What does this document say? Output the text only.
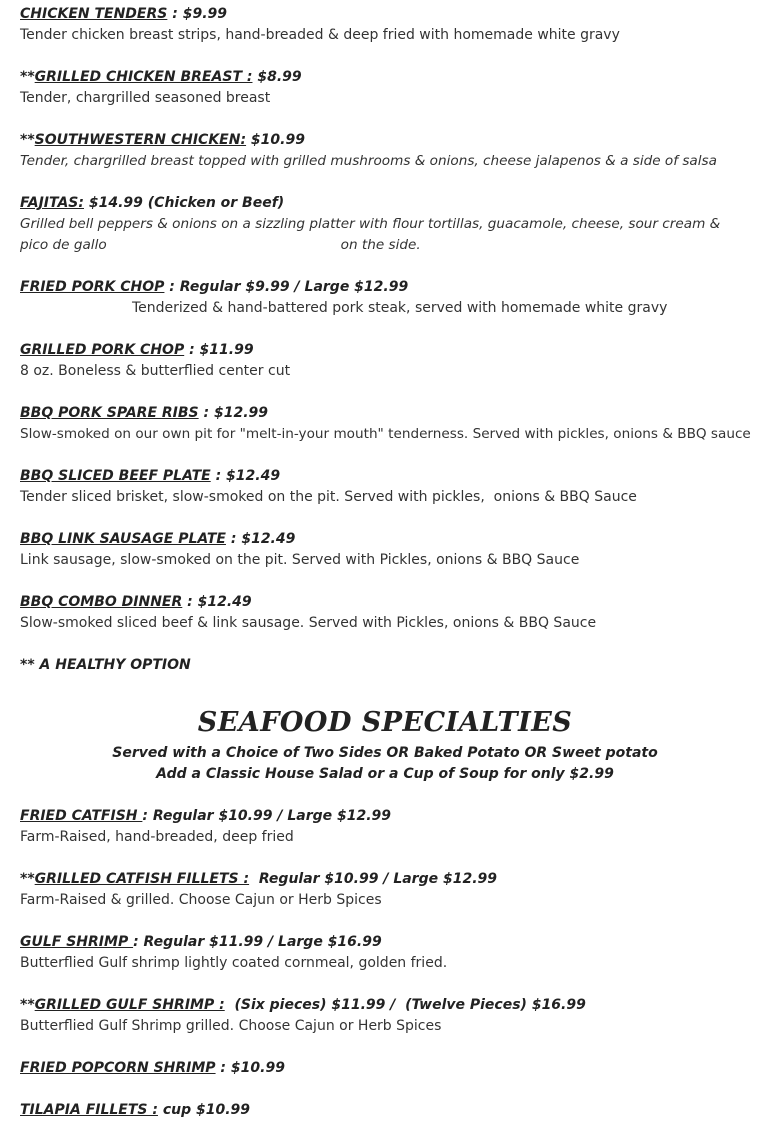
CHICKEN TENDERS : $9.99
Tender chicken breast strips, hand-breaded & deep fried with homemade white gravy
**GRILLED CHICKEN BREAST : $8.99
Tender, chargrilled seasoned breast
**SOUTHWESTERN CHICKEN: $10.99
Tender, chargrilled breast topped with grilled mushrooms & onions, cheese jalapenos & a side of salsa
FAJITAS: $14.99 (Chicken or Beef)
Grilled bell peppers & onions on a sizzling platter with flour tortillas, guacamole, cheese, sour cream & pico de gallo	on the side.
FRIED PORK CHOP : Regular $9.99 / Large $12.99
Tenderized & hand-battered pork steak, served with homemade white gravy
GRILLED PORK CHOP : $11.99
8 oz. Boneless & butterflied center cut
BBQ PORK SPARE RIBS : $12.99
Slow-smoked on our own pit for "melt-in-your mouth" tenderness. Served with pickles, onions & BBQ sauce
BBQ SLICED BEEF PLATE : $12.49
Tender sliced brisket, slow-smoked on the pit. Served with pickles,  onions & BBQ Sauce
BBQ LINK SAUSAGE PLATE : $12.49
Link sausage, slow-smoked on the pit. Served with Pickles, onions & BBQ Sauce
BBQ COMBO DINNER : $12.49
Slow-smoked sliced beef & link sausage. Served with Pickles, onions & BBQ Sauce
** A HEALTHY OPTION
SEAFOOD SPECIALTIES
Served with a Choice of Two Sides OR Baked Potato OR Sweet potato
Add a Classic House Salad or a Cup of Soup for only $2.99
FRIED CATFISH : Regular $10.99 / Large $12.99
Farm-Raised, hand-breaded, deep fried
**GRILLED CATFISH FILLETS :  Regular $10.99 / Large $12.99
Farm-Raised & grilled. Choose Cajun or Herb Spices
GULF SHRIMP : Regular $11.99 / Large $16.99
Butterflied Gulf shrimp lightly coated cornmeal, golden fried.
**GRILLED GULF SHRIMP :  (Six pieces) $11.99 /  (Twelve Pieces) $16.99
Butterflied Gulf Shrimp grilled. Choose Cajun or Herb Spices
FRIED POPCORN SHRIMP : $10.99
TILAPIA FILLETS : cup $10.99
